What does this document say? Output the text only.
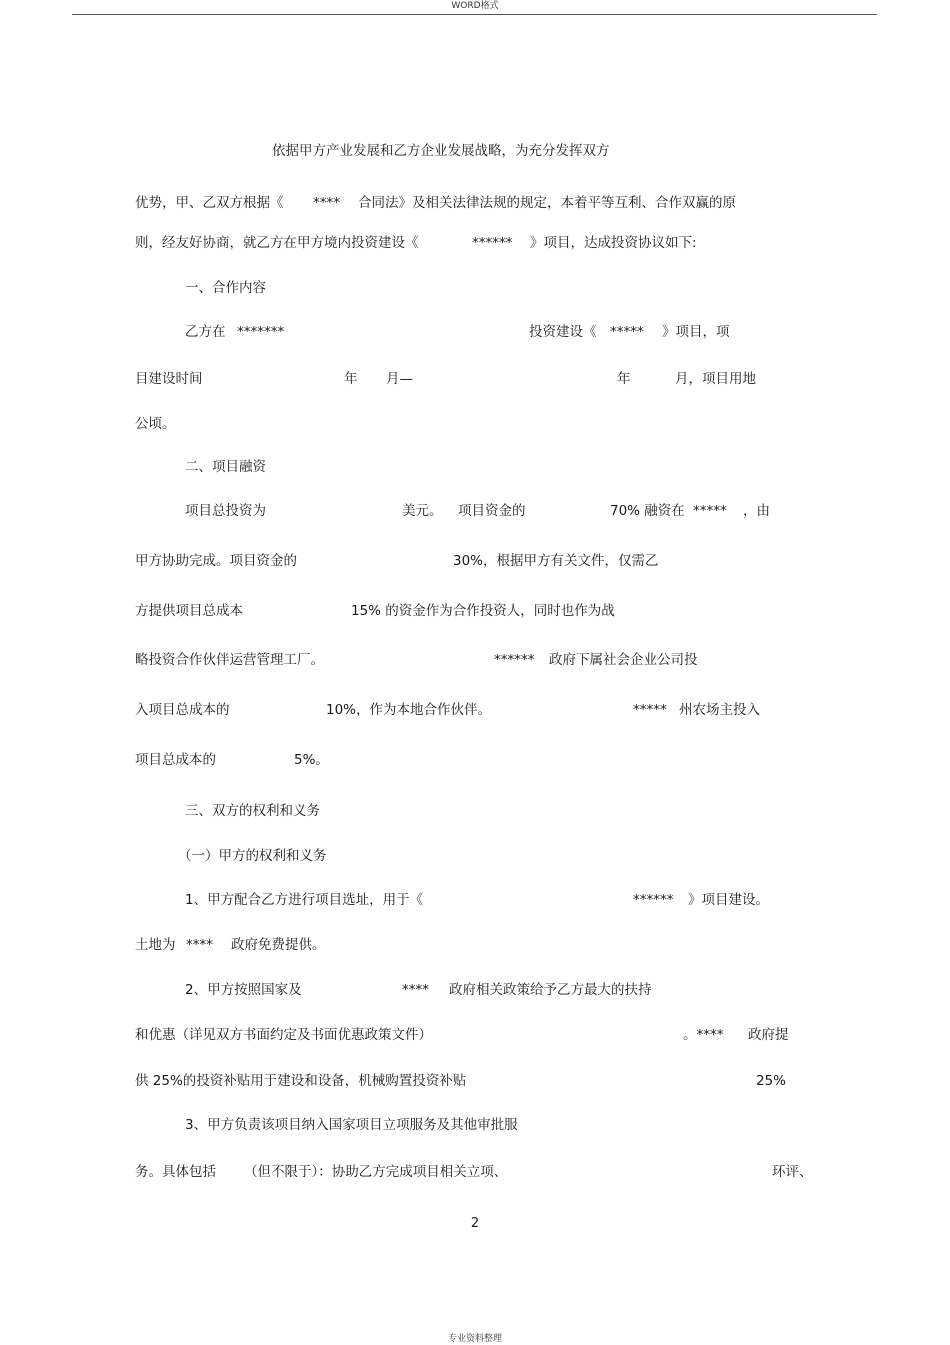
WORD格式
依据甲方产业发展和乙方企业发展战略，为充分发挥双方
优势，甲、乙双方根据《 **** 合同法》及相关法律法规的规定，本着平等互利、合作双赢的原
则，经友好协商，就乙方在甲方境内投资建设《	****** 》项目，达成投资协议如下:
一、合作内容
乙方在 *******	投资建设《 ***** 》项目，项
目建设时间	年 月—	年	月，项目用地
公顷。
二、项目融资
项目总投资为	美元。 项目资金的	70% 融资在 ***** ，由
甲方协助完成。项目资金的	30%，根据甲方有关文件，仅需乙
方提供项目总成本	15% 的资金作为合作投资人，同时也作为战
略投资合作伙伴运营管理工厂。	****** 政府下属社会企业公司投
入项目总成本的	10%，作为本地合作伙伴。	***** 州农场主投入
项目总成本的	5%。
三、双方的权利和义务
（一）甲方的权利和义务
1、甲方配合乙方进行项目选址，用于《	****** 》项目建设。
土地为 **** 政府免费提供。
2、甲方按照国家及	**** 政府相关政策给予乙方最大的扶持
和优惠（详见双方书面约定及书面优惠政策文件）	。**** 政府提
供 25%的投资补贴用于建设和设备，机械购置投资补贴	25%
3、甲方负责该项目纳入国家项目立项服务及其他审批服
务。具体包括 （但不限于）：协助乙方完成项目相关立项、	环评、
2
专业资料整理
